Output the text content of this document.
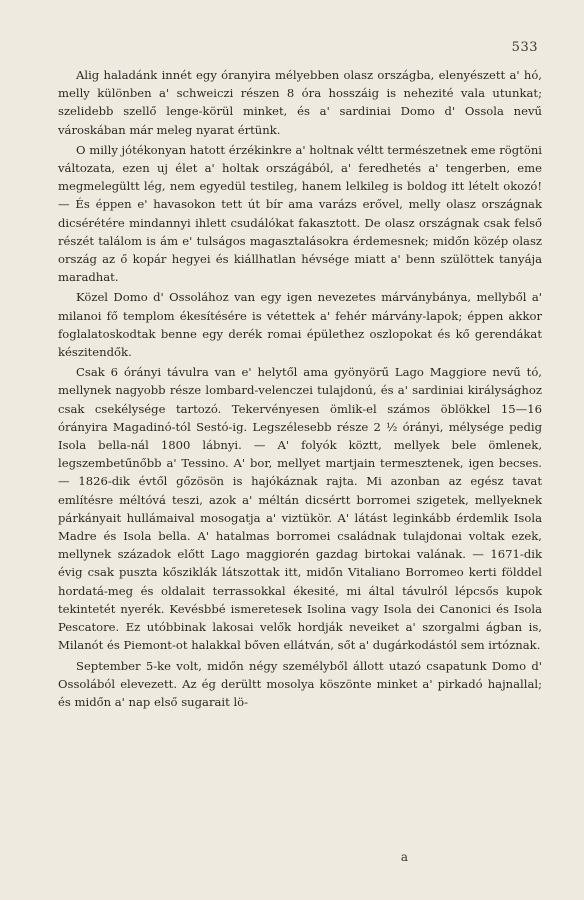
533

Alig haladánk innét egy óranyira mélyebben olasz országba, elenyészett a' hó, melly különben a' schweiczi részen 8 óra hosszáig is nehezité vala utunkat; szelidebb szellő lenge-körül minket, és a' sardiniai Domo d' Ossola nevű városkában már meleg nyarat értünk.

O milly jótékonyan hatott érzékinkre a' holtnak véltt természetnek eme rögtöni változata, ezen uj élet a' holtak országából, a' feredhetés a' tengerben, eme megmelegültt lég, nem egyedül testileg, hanem lelkileg is boldog itt lételt okozó! — És éppen e' havasokon tett út bír ama varázs erővel, melly olasz országnak dicsérétére mindannyi ihlett csudálókat fakasztott. De olasz országnak csak felső részét találom is ám e' tulságos magasztalásokra érdemesnek; midőn közép olasz ország az ő kopár hegyei és kiállhatlan hévsége miatt a' benn szülöttek tanyája maradhat.

Közel Domo d' Ossolához van egy igen nevezetes márványbánya, mellyből a' milanoi fő templom ékesítésére is vétettek a' fehér márvány-lapok; éppen akkor foglalatoskodtak benne egy derék romai épülethez oszlopokat és kő gerendákat készitendők.

Csak 6 órányi távulra van e' helytől ama gyönyörű Lago Maggiore nevű tó, mellynek nagyobb része lombard-velenczei tulajdonú, és a' sardiniai királysághoz csak csekélysége tartozó. Tekervényesen ömlik-el számos öblökkel 15—16 órányira Magadinó-tól Sestó-ig. Legszélesebb része 2 ½ órányi, mélysége pedig Isola bella-nál 1800 lábnyi. — A' folyók köztt, mellyek bele ömlenek, legszembetűnőbb a' Tessino. A' bor, mellyet martjain termesztenek, igen becses. — 1826-dik évtől gőzösön is hajókáznak rajta. Mi azonban az egész tavat említésre méltóvá teszi, azok a' méltán dicsértt borromei szigetek, mellyeknek párkányait hullámaival mosogatja a' viztükör. A' látást leginkább érdemlik Isola Madre és Isola bella. A' hatalmas borromei családnak tulajdonai voltak ezek, mellynek századok előtt Lago maggiorén gazdag birtokai valának. — 1671-dik évig csak puszta kősziklák látszottak itt, midőn Vitaliano Borromeo kerti földdel hordatá-meg és oldalait terrassokkal ékesité, mi által távulról lépcsős kupok tekintetét nyerék. Kevésbbé ismeretesek Isolina vagy Isola dei Canonici és Isola Pescatore. Ez utóbbinak lakosai velők hordják neveiket a' szorgalmi ágban is, Milanót és Piemont-ot halakkal bőven ellátván, sőt a' dugárkodástól sem irtóznak.

September 5-ke volt, midőn négy személyből állott utazó csapatunk Domo d' Ossolából elevezett. Az ég derültt mosolya köszönte minket a' pirkadó hajnallal; és midőn a' nap első sugarait lö-

a
